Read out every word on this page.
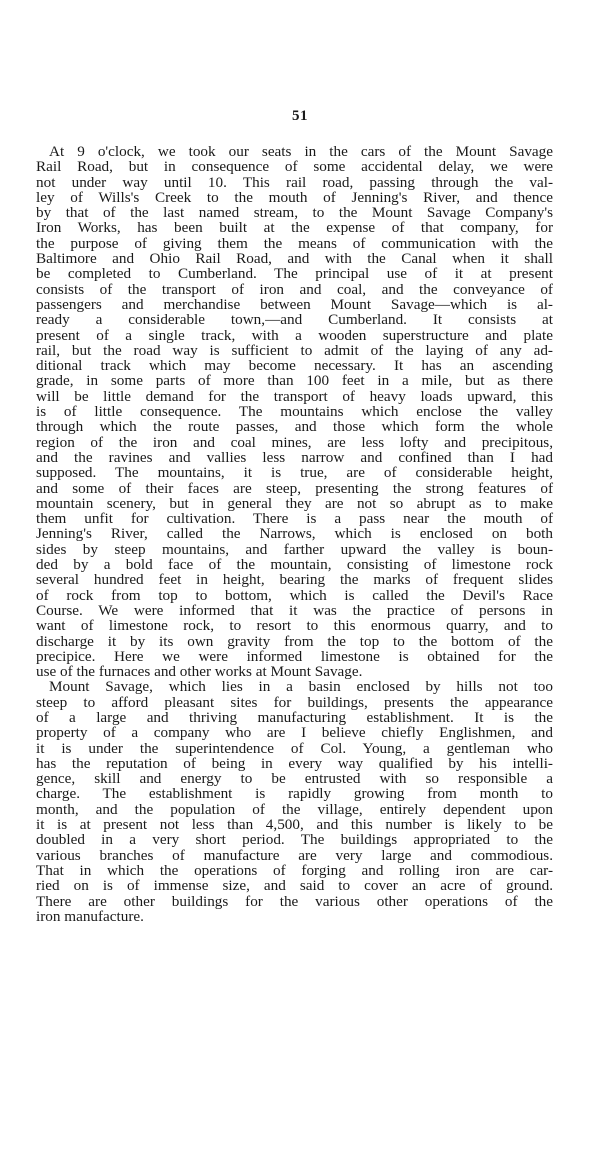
51
At 9 o'clock, we took our seats in the cars of the Mount Savage
Rail Road, but in consequence of some accidental delay, we were
not under way until 10. This rail road, passing through the val-
ley of Wills's Creek to the mouth of Jenning's River, and thence
by that of the last named stream, to the Mount Savage Company's
Iron Works, has been built at the expense of that company, for
the purpose of giving them the means of communication with the
Baltimore and Ohio Rail Road, and with the Canal when it shall
be completed to Cumberland. The principal use of it at present
consists of the transport of iron and coal, and the conveyance of
passengers and merchandise between Mount Savage—which is al-
ready a considerable town,—and Cumberland. It consists at
present of a single track, with a wooden superstructure and plate
rail, but the road way is sufficient to admit of the laying of any ad-
ditional track which may become necessary. It has an ascending
grade, in some parts of more than 100 feet in a mile, but as there
will be little demand for the transport of heavy loads upward, this
is of little consequence. The mountains which enclose the valley
through which the route passes, and those which form the whole
region of the iron and coal mines, are less lofty and precipitous,
and the ravines and vallies less narrow and confined than I had
supposed. The mountains, it is true, are of considerable height,
and some of their faces are steep, presenting the strong features of
mountain scenery, but in general they are not so abrupt as to make
them unfit for cultivation. There is a pass near the mouth of
Jenning's River, called the Narrows, which is enclosed on both
sides by steep mountains, and farther upward the valley is boun-
ded by a bold face of the mountain, consisting of limestone rock
several hundred feet in height, bearing the marks of frequent slides
of rock from top to bottom, which is called the Devil's Race
Course. We were informed that it was the practice of persons in
want of limestone rock, to resort to this enormous quarry, and to
discharge it by its own gravity from the top to the bottom of the
precipice. Here we were informed limestone is obtained for the
use of the furnaces and other works at Mount Savage.
Mount Savage, which lies in a basin enclosed by hills not too
steep to afford pleasant sites for buildings, presents the appearance
of a large and thriving manufacturing establishment. It is the
property of a company who are I believe chiefly Englishmen, and
it is under the superintendence of Col. Young, a gentleman who
has the reputation of being in every way qualified by his intelli-
gence, skill and energy to be entrusted with so responsible a
charge. The establishment is rapidly growing from month to
month, and the population of the village, entirely dependent upon
it is at present not less than 4,500, and this number is likely to be
doubled in a very short period. The buildings appropriated to the
various branches of manufacture are very large and commodious.
That in which the operations of forging and rolling iron are car-
ried on is of immense size, and said to cover an acre of ground.
There are other buildings for the various other operations of the
iron manufacture.
